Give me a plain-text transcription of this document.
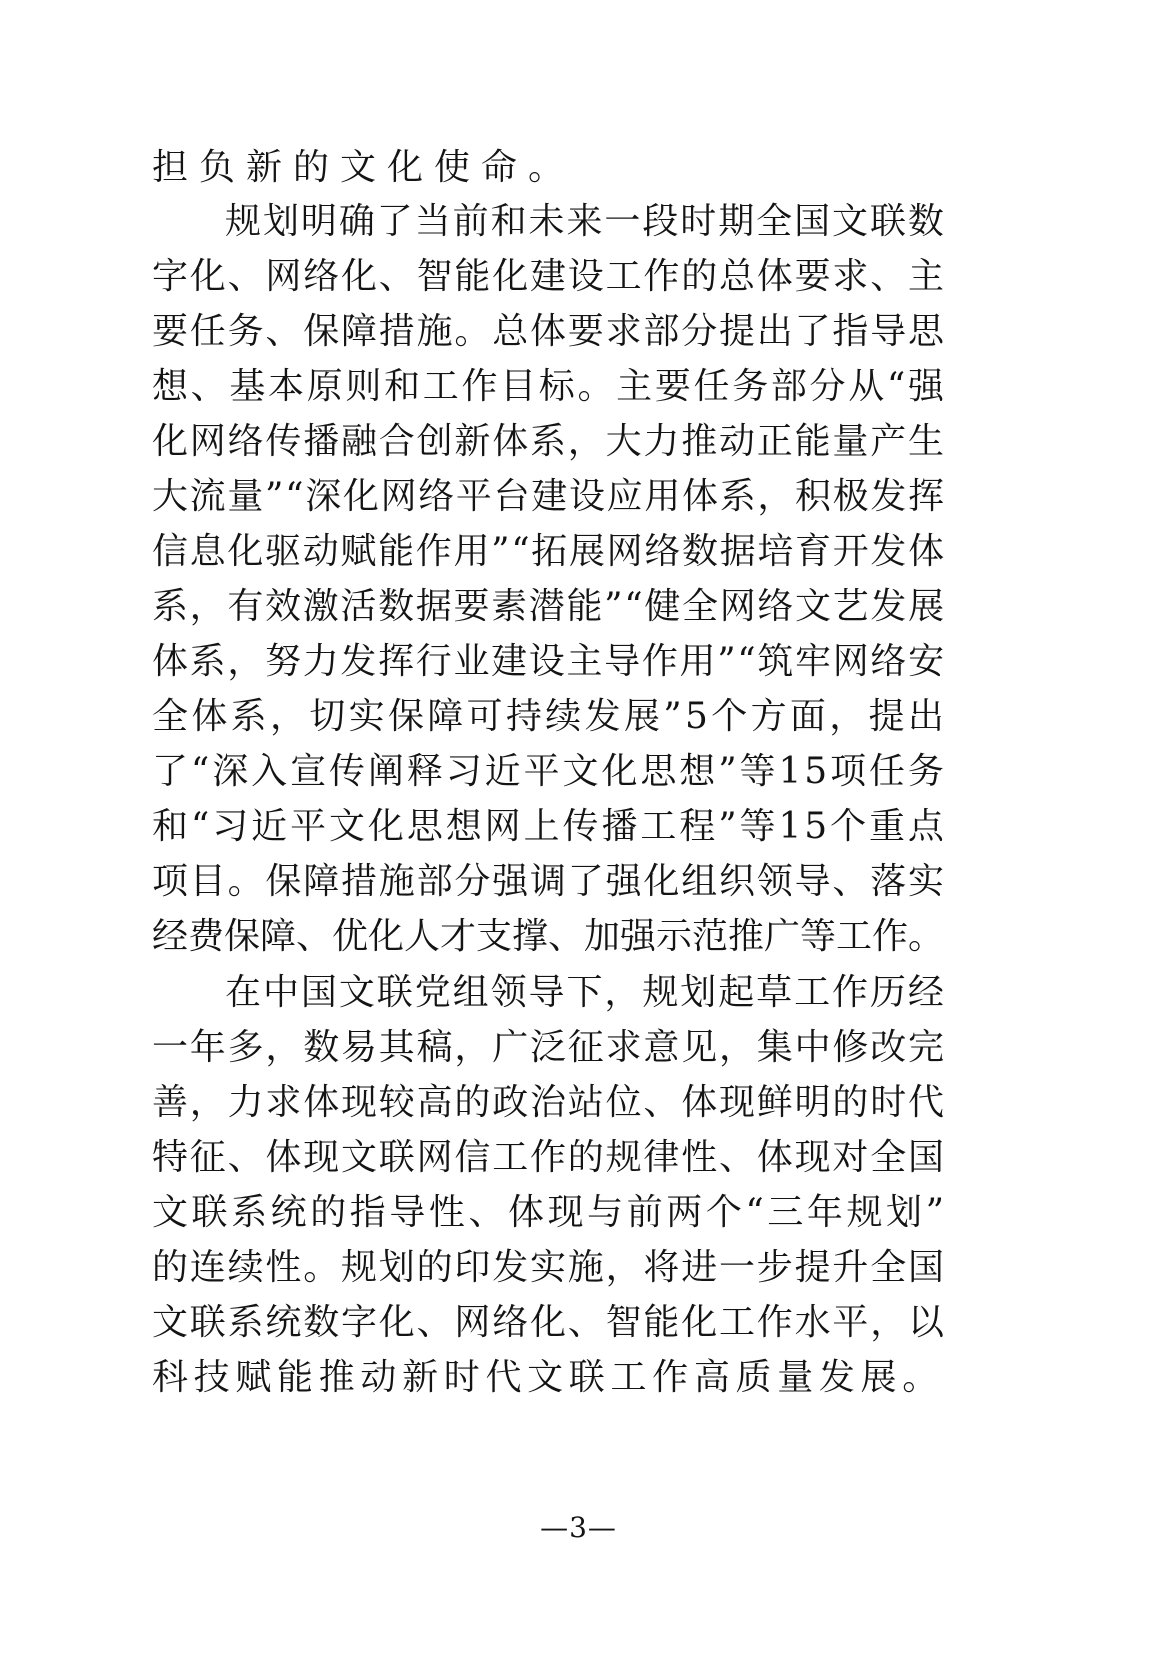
担负新的文化使命。
规划明确了当前和未来一段时期全国文联数
字化、网络化、智能化建设工作的总体要求、主
要任务、保障措施。总体要求部分提出了指导思
想、基本原则和工作目标。主要任务部分从“强
化网络传播融合创新体系，大力推动正能量产生
大流量”“深化网络平台建设应用体系，积极发挥
信息化驱动赋能作用”“拓展网络数据培育开发体
系，有效激活数据要素潜能”“健全网络文艺发展
体系，努力发挥行业建设主导作用”“筑牢网络安
全体系，切实保障可持续发展”5个方面，提出
了“深入宣传阐释习近平文化思想”等15项任务
和“习近平文化思想网上传播工程”等15个重点
项目。保障措施部分强调了强化组织领导、落实
经费保障、优化人才支撑、加强示范推广等工作。
在中国文联党组领导下，规划起草工作历经
一年多，数易其稿，广泛征求意见，集中修改完
善，力求体现较高的政治站位、体现鲜明的时代
特征、体现文联网信工作的规律性、体现对全国
文联系统的指导性、体现与前两个“三年规划”
的连续性。规划的印发实施，将进一步提升全国
文联系统数字化、网络化、智能化工作水平，以
科技赋能推动新时代文联工作高质量发展。
—3—
